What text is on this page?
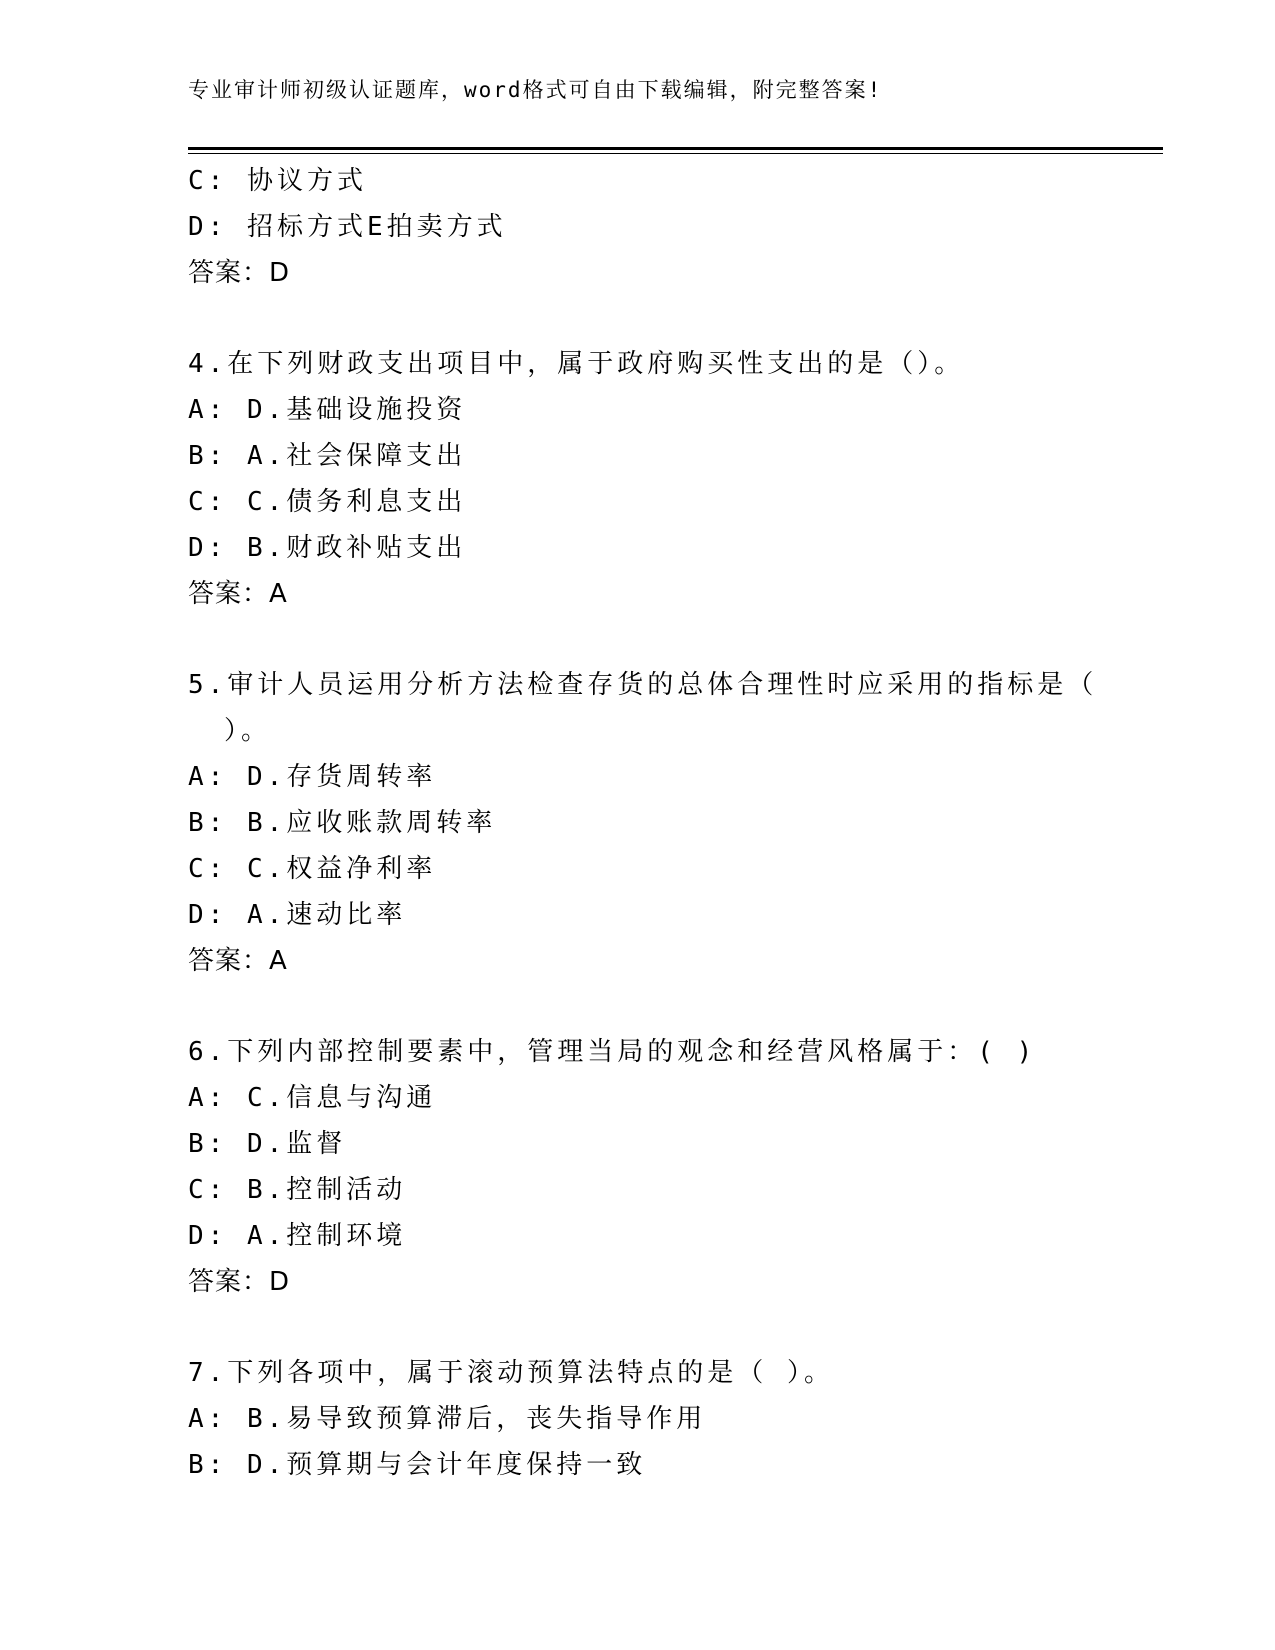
专业审计师初级认证题库，word格式可自由下载编辑，附完整答案!
C: 协议方式
D: 招标方式E拍卖方式
答案：D
4.在下列财政支出项目中，属于政府购买性支出的是（）。
A: D.基础设施投资
B: A.社会保障支出
C: C.债务利息支出
D: B.财政补贴支出
答案：A
5.审计人员运用分析方法检查存货的总体合理性时应采用的指标是（
）。
A: D.存货周转率
B: B.应收账款周转率
C: C.权益净利率
D: A.速动比率
答案：A
6.下列内部控制要素中，管理当局的观念和经营风格属于：( )
A: C.信息与沟通
B: D.监督
C: B.控制活动
D: A.控制环境
答案：D
7.下列各项中，属于滚动预算法特点的是（ ）。
A: B.易导致预算滞后，丧失指导作用
B: D.预算期与会计年度保持一致
